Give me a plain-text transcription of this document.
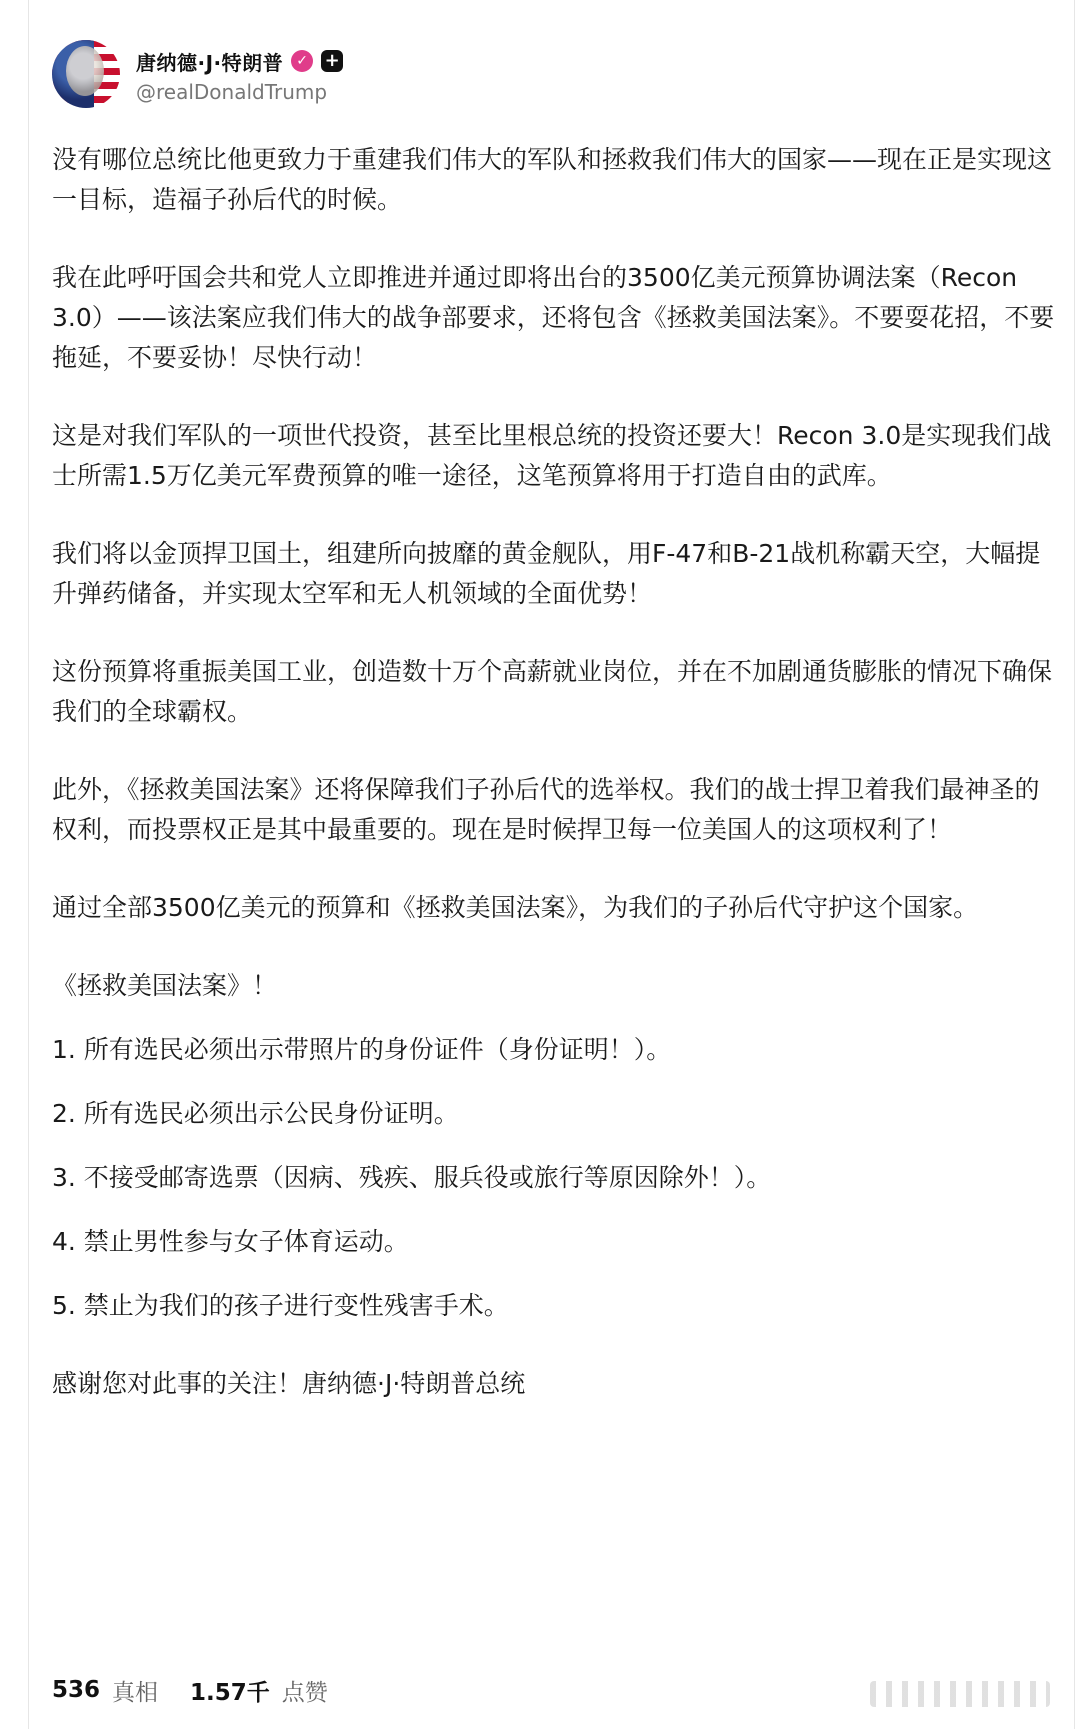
唐纳德·J·特朗普 ✓ +
@realDonaldTrump

没有哪位总统比他更致力于重建我们伟大的军队和拯救我们伟大的国家——现在正是实现这一目标，造福子孙后代的时候。

我在此呼吁国会共和党人立即推进并通过即将出台的3500亿美元预算协调法案（Recon 3.0）——该法案应我们伟大的战争部要求，还将包含《拯救美国法案》。不要耍花招，不要拖延，不要妥协！尽快行动！

这是对我们军队的一项世代投资，甚至比里根总统的投资还要大！Recon 3.0是实现我们战士所需1.5万亿美元军费预算的唯一途径，这笔预算将用于打造自由的武库。

我们将以金顶捍卫国土，组建所向披靡的黄金舰队，用F-47和B-21战机称霸天空，大幅提升弹药储备，并实现太空军和无人机领域的全面优势！

这份预算将重振美国工业，创造数十万个高薪就业岗位，并在不加剧通货膨胀的情况下确保我们的全球霸权。

此外，《拯救美国法案》还将保障我们子孙后代的选举权。我们的战士捍卫着我们最神圣的权利，而投票权正是其中最重要的。现在是时候捍卫每一位美国人的这项权利了！

通过全部3500亿美元的预算和《拯救美国法案》，为我们的子孙后代守护这个国家。

《拯救美国法案》！

1. 所有选民必须出示带照片的身份证件（身份证明！）。

2. 所有选民必须出示公民身份证明。

3. 不接受邮寄选票（因病、残疾、服兵役或旅行等原因除外！）。

4. 禁止男性参与女子体育运动。

5. 禁止为我们的孩子进行变性残害手术。

感谢您对此事的关注！唐纳德·J·特朗普总统

536 真相 1.57千 点赞
